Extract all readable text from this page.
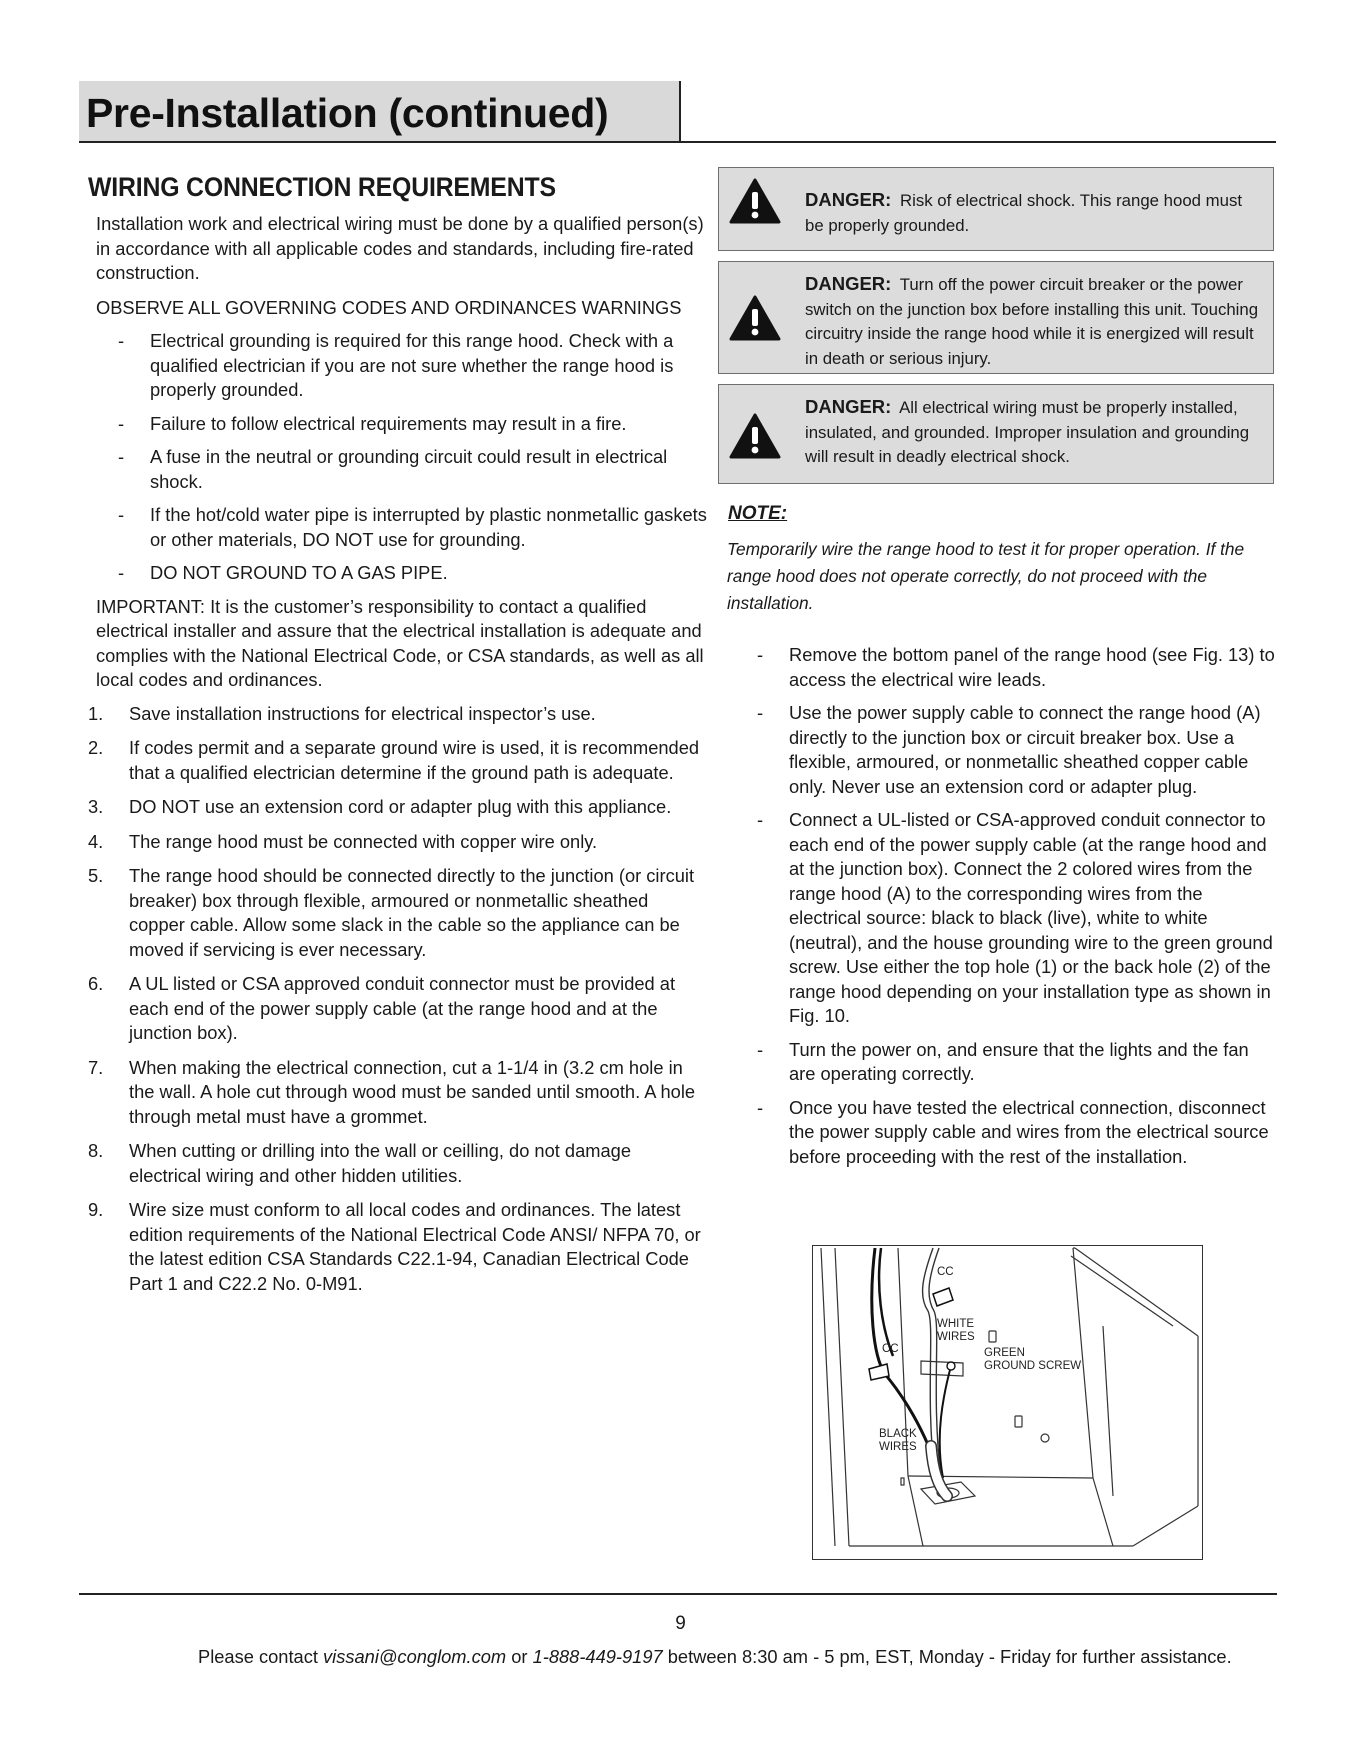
Pre-Installation (continued)
WIRING CONNECTION REQUIREMENTS

Installation work and electrical wiring must be done by a qualified person(s) in accordance with all applicable codes and standards, including fire-rated construction.

OBSERVE ALL GOVERNING CODES AND ORDINANCES WARNINGS

- Electrical grounding is required for this range hood. Check with a qualified electrician if you are not sure whether the range hood is properly grounded.
- Failure to follow electrical requirements may result in a fire.
- A fuse in the neutral or grounding circuit could result in electrical shock.
- If the hot/cold water pipe is interrupted by plastic nonmetallic gaskets or other materials, DO NOT use for grounding.
- DO NOT GROUND TO A GAS PIPE.

IMPORTANT: It is the customer’s responsibility to contact a qualified electrical installer and assure that the electrical installation is adequate and complies with the National Electrical Code, or CSA standards, as well as all local codes and ordinances.

1. Save installation instructions for electrical inspector’s use.
2. If codes permit and a separate ground wire is used, it is recommended that a qualified electrician determine if the ground path is adequate.
3. DO NOT use an extension cord or adapter plug with this appliance.
4. The range hood must be connected with copper wire only.
5. The range hood should be connected directly to the junction (or circuit breaker) box through flexible, armoured or nonmetallic sheathed copper cable. Allow some slack in the cable so the appliance can be moved if servicing is ever necessary.
6. A UL listed or CSA approved conduit connector must be provided at each end of the power supply cable (at the range hood and at the junction box).
7. When making the electrical connection, cut a 1-1/4 in (3.2 cm hole in the wall. A hole cut through wood must be sanded until smooth. A hole through metal must have a grommet.
8. When cutting or drilling into the wall or ceilling, do not damage electrical wiring and other hidden utilities.
9. Wire size must conform to all local codes and ordinances. The latest edition requirements of the National Electrical Code ANSI/ NFPA 70, or the latest edition CSA Standards C22.1-94, Canadian Electrical Code Part 1 and C22.2 No. 0-M91.
DANGER: Risk of electrical shock. This range hood must be properly grounded.
DANGER: Turn off the power circuit breaker or the power switch on the junction box before installing this unit. Touching circuitry inside the range hood while it is energized will result in death or serious injury.
DANGER: All electrical wiring must be properly installed, insulated, and grounded. Improper insulation and grounding will result in deadly electrical shock.
NOTE:
Temporarily wire the range hood to test it for proper operation. If the range hood does not operate correctly, do not proceed with the installation.
- Remove the bottom panel of the range hood (see Fig. 13) to access the electrical wire leads.
- Use the power supply cable to connect the range hood (A) directly to the junction box or circuit breaker box. Use a flexible, armoured, or nonmetallic sheathed copper cable only. Never use an extension cord or adapter plug.
- Connect a UL-listed or CSA-approved conduit connector to each end of the power supply cable (at the range hood and at the junction box). Connect the 2 colored wires from the range hood (A) to the corresponding wires from the electrical source: black to black (live), white to white (neutral), and the house grounding wire to the green ground screw. Use either the top hole (1) or the back hole (2) of the range hood depending on your installation type as shown in Fig. 10.
- Turn the power on, and ensure that the lights and the fan are operating correctly.
- Once you have tested the electrical connection, disconnect the power supply cable and wires from the electrical source before proceeding with the rest of the installation.
CC
WHITE
WIRES
CC	GREEN
GROUND SCREW
BLACK
WIRES
9
Please contact vissani@conglom.com or 1-888-449-9197 between 8:30 am - 5 pm, EST, Monday - Friday for further assistance.
